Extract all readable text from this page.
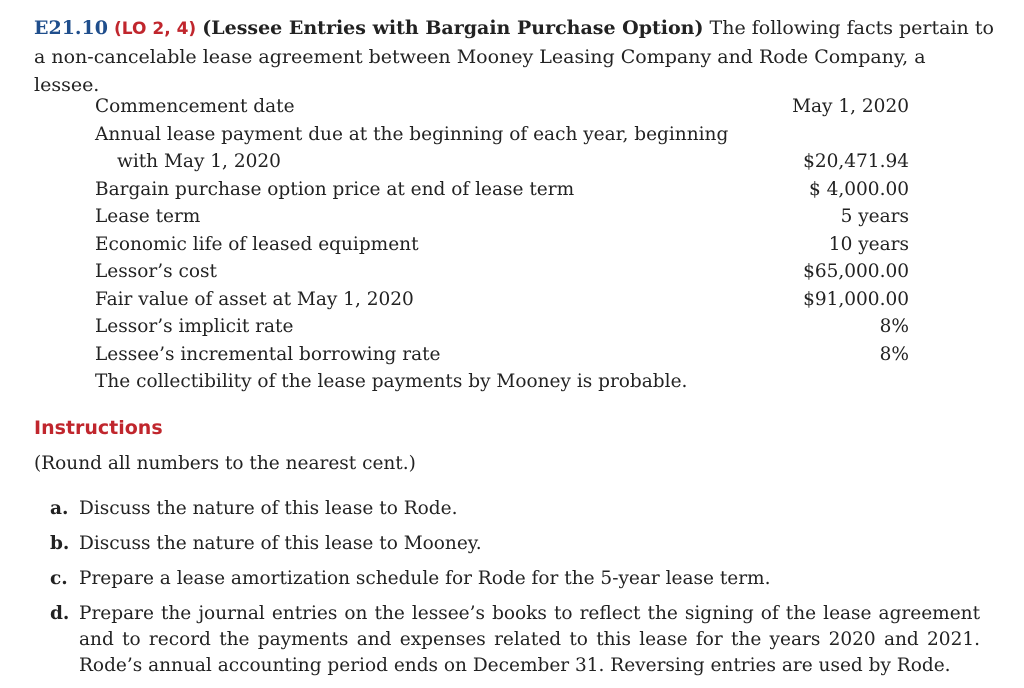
E21.10 (LO 2, 4) (Lessee Entries with Bargain Purchase Option) The following facts pertain to a non-cancelable lease agreement between Mooney Leasing Company and Rode Company, a lessee.
Commencement date	May 1, 2020
Annual lease payment due at the beginning of each year, beginning
with May 1, 2020	$20,471.94
Bargain purchase option price at end of lease term	$ 4,000.00
Lease term	5 years
Economic life of leased equipment	10 years
Lessor’s cost	$65,000.00
Fair value of asset at May 1, 2020	$91,000.00
Lessor’s implicit rate	8%
Lessee’s incremental borrowing rate	8%
The collectibility of the lease payments by Mooney is probable.
Instructions
(Round all numbers to the nearest cent.)
a. Discuss the nature of this lease to Rode.
b. Discuss the nature of this lease to Mooney.
c. Prepare a lease amortization schedule for Rode for the 5-year lease term.
d. Prepare the journal entries on the lessee’s books to reflect the signing of the lease agreement and to record the payments and expenses related to this lease for the years 2020 and 2021. Rode’s annual accounting period ends on December 31. Reversing entries are used by Rode.
